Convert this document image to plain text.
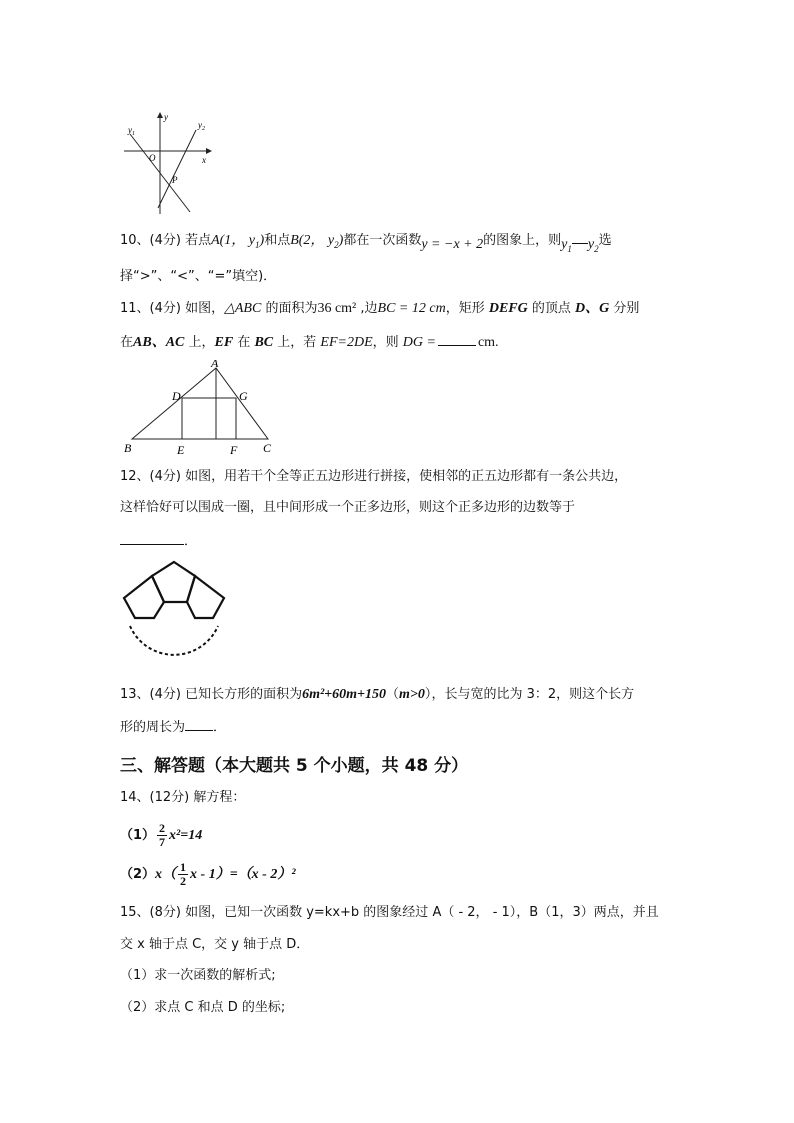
y
x
$y_1$
$y_2$
O
P
10、(4分) 若点A(1， $y_1$)和点B(2， $y_2$)都在一次函数y = −x + 2的图象上，则$y_1$ $y_2$选
择“>”、“<”、“=”填空)．
11、(4分) 如图，△ABC 的面积为36 cm² ,边BC = 12 cm，矩形 DEFG 的顶点 D、G 分别
在AB、AC 上，EF 在 BC 上，若 EF=2DE，则 DG =	cm.
A
B	C
D
E	F
G
12、(4分) 如图，用若干个全等正五边形进行拼接，使相邻的正五边形都有一条公共边，
这样恰好可以围成一圈，且中间形成一个正多边形，则这个正多边形的边数等于
．
13、(4分) 已知长方形的面积为6m²+60m+150（m>0），长与宽的比为 3：2，则这个长方
形的周长为 ．
三、解答题（本大题共 5 个小题，共 48 分）
14、(12分) 解方程：
$(1) \frac{2}{7} x^2=14$
$(2)x( \frac{1}{2}$ x - 1）=（x - 2）²
15、(8分) 如图，已知一次函数 y=kx+b 的图象经过 A（ - 2， - 1），B（1，3）两点，并且
交 x 轴于点 C，交 y 轴于点 D．
（1）求一次函数的解析式;
（2）求点 C 和点 D 的坐标;
